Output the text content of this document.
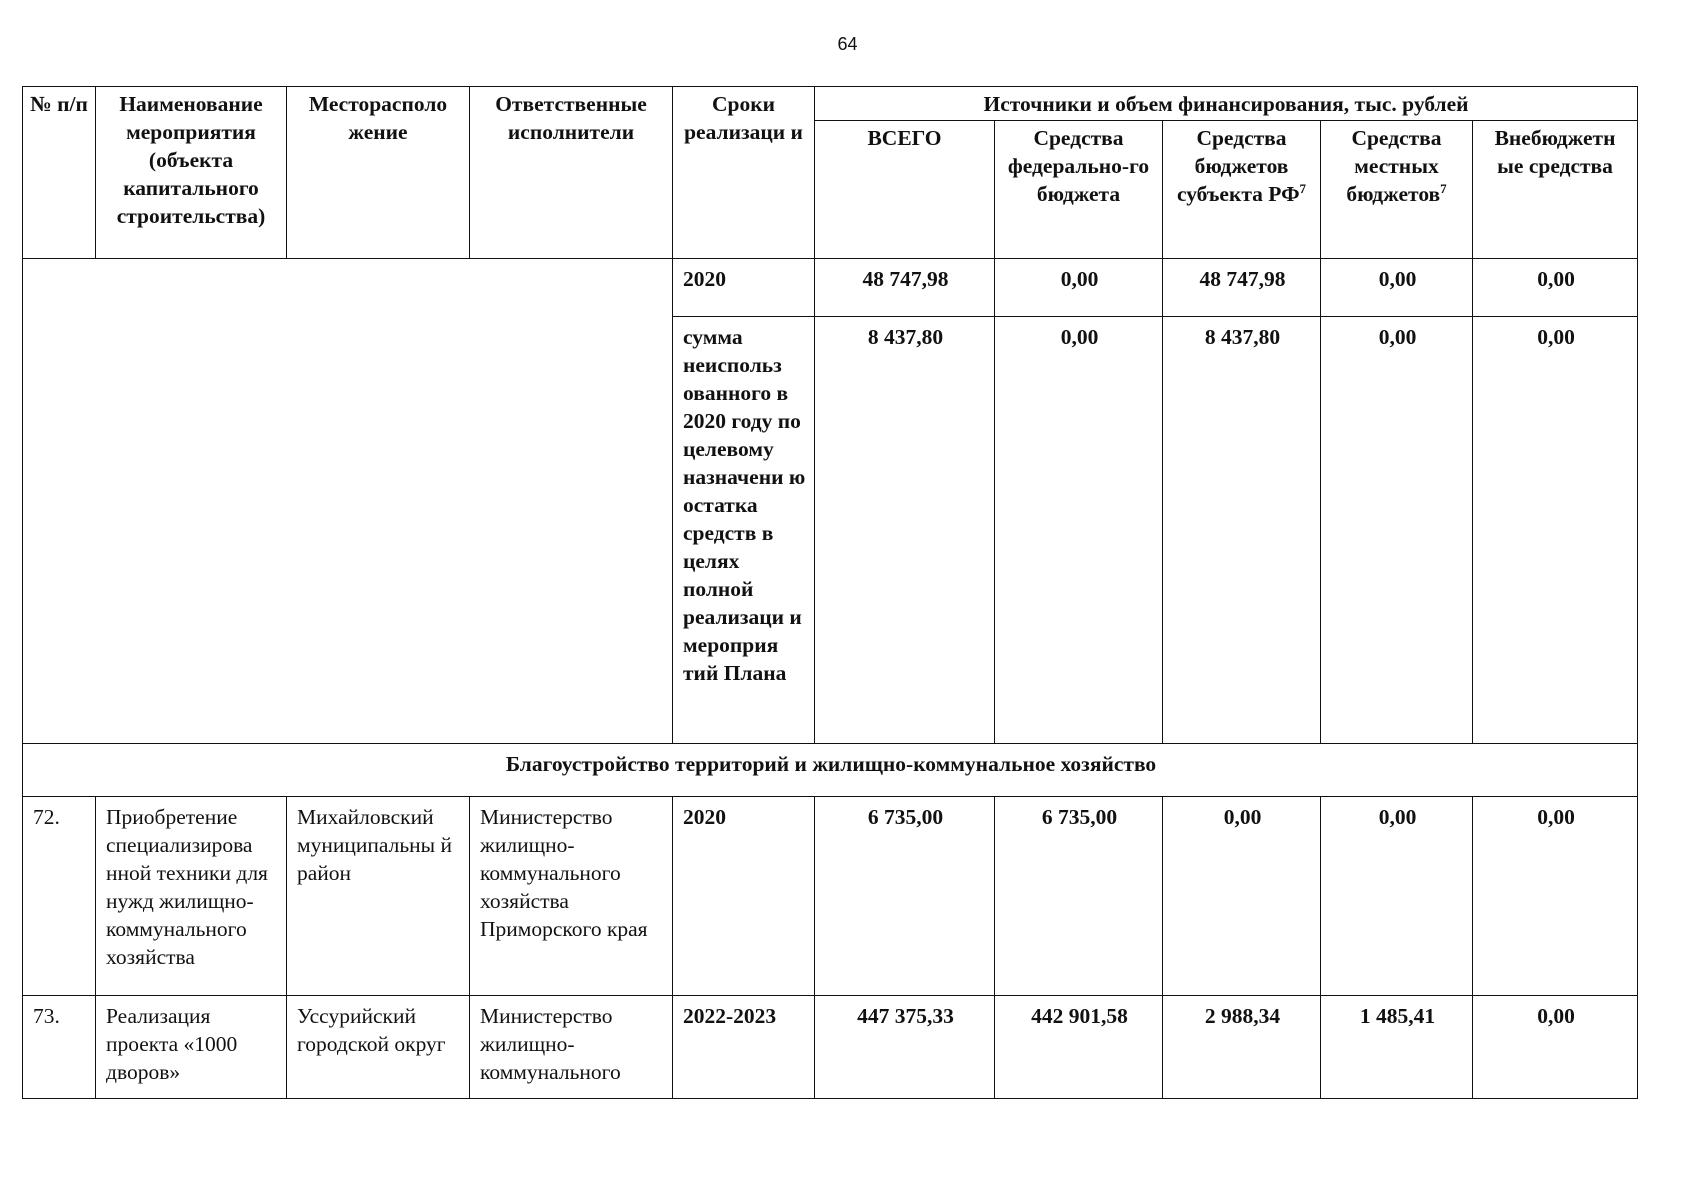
64
№ п/п	Наименование мероприятия (объекта капитального строительства)	Месторасполо жение	Ответственные исполнители	Сроки реализаци и	Источники и объем финансирования, тыс. рублей				
					ВСЕГО	Средства федерально-го бюджета	Средства бюджетов субъекта $РФ^7$	Средства местных бюджетов$^7$	Внебюджетн ые средства
				2020	48 747,98	0,00	48 747,98	0,00	0,00
				сумма неиспольз ованного в 2020 году по целевому назначени ю остатка средств в целях полной реализаци и мероприя тий Плана	8 437,80	0,00	8 437,80	0,00	0,00
Благоустройство территорий и жилищно-коммунальное хозяйство									
72.	Приобретение специализирова нной техники для нужд жилищно-коммунального хозяйства	Михайловский муниципальны й район	Министерство жилищно-коммунального хозяйства Приморского края	2020	6 735,00	6 735,00	0,00	0,00	0,00
73.	Реализация проекта «1000 дворов»	Уссурийский городской округ	Министерство жилищно-коммунального	2022-2023	447 375,33	442 901,58	2 988,34	1 485,41	0,00
